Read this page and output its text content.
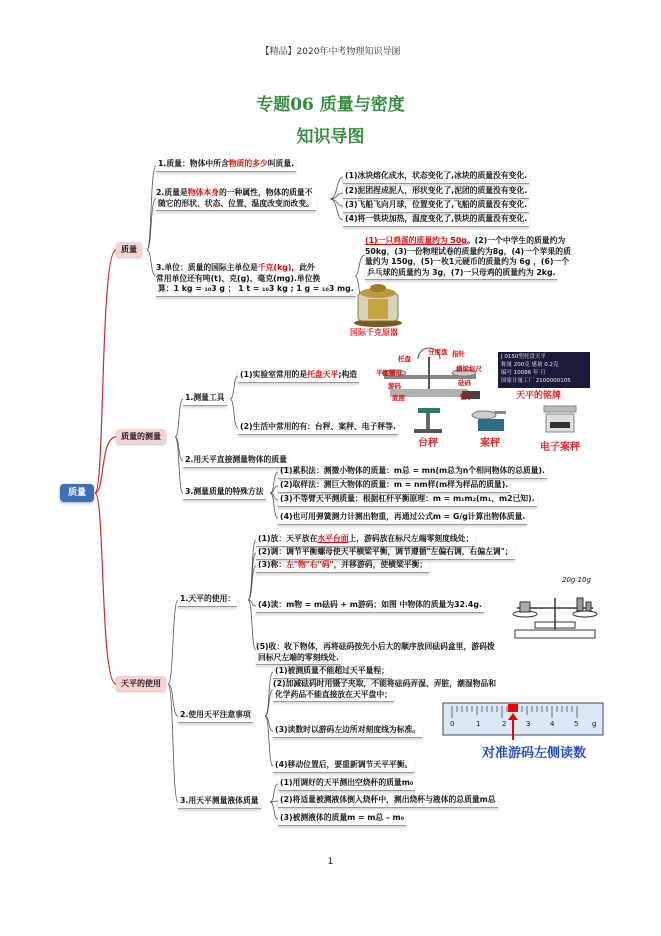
【精品】2020年中考物理知识导图
专题06 质量与密度
知识导图
质量
质量
1.质量：物体中所含物质的多少叫质量.
2.质量是物体本身的一种属性，物体的质量不
随它的形状、状态、位置、温度改变而改变。
(1)冰块熔化成水，状态变化了,冰块的质量没有变化.
(2)泥团捏成泥人，形状变化了,泥团的质量没有变化.
(3)飞船飞向月球，位置变化了,飞船的质量没有变化.
(4)将一铁块加热，温度变化了,铁块的质量没有变化.
3.单位：质量的国际主单位是千克(kg)，此外
常用单位还有吨(t)、克(g)、毫克(mg).单位换
算：1 kg = ₁₀3 g ； 1 t = ₁₀3 kg ; 1 g = ₁₀3 mg.
(1)一只鸡蛋的质量约为 50g。(2)一个中学生的质量约为
50kg，(3)一份物理试卷的质量约为8g，(4)一个苹果的质
量约为 150g，(5)一枚1元硬币的质量约为 6g ，(6)一个
乒乓球的质量约为 3g，(7)一只母鸡的质量约为 2kg.
国际千克原器
质量的测量
1.测量工具
(1)实验室常用的是托盘天平;构造
(2)生活中常用的有：台秤、案秤、电子秤等.
托盘
分度盘 指针
平衡螺母	横梁标尺
游码	砝码
底座	镊子
J 0150型托盘天平
称量 200克 感量 0.2克
编号 10086 年 月
国家计量工厂 2100000105
天平的铭牌
台秤	案秤	电子案秤
2.用天平直接测量物体的质量
3.测量质量的特殊方法
(1)累积法：测微小物体的质量：m总 = mn(m总为n个相同物体的总质量).
(2)取样法：测巨大物体的质量：m = nm样(m样为样品的质量).
(3)不等臂天平测质量：根据杠杆平衡原理：m = m₁m₂(m₁、m2已知).
(4)也可用弹簧测力计测出物重，再通过公式m = G/g计算出物体质量.
天平的使用
1.天平的使用：
(1)放：天平放在水平台面上，游码放在标尺左端零刻度线处；
(2)调：调节平衡螺母使天平横梁平衡，调节遵循"左偏右调，右偏左调"；
(3)称：左"物"右"码"，并移游码，使横梁平衡；
(4)读：m物 = m砝码 + m游码；如图 中物体的质量为32.4g.
(5)收：收下物体，再将砝码按先小后大的顺序放回砝码盒里，游码拨
回标尺左端的零刻线处.
20g 10g
2.使用天平注意事项
(1)被测质量不能超过天平量程；
(2)加减砝码时用镊子夹取，不能将砝码弄湿、弄脏，潮湿物品和
化学药品不能直接放在天平盘中；
(3)读数时以游码左边所对刻度线为标准。
(4)移动位置后，要重新调节天平平衡。
0	1	2	3	4	5 g
对准游码左侧读数
3.用天平测量液体质量
(1)用调好的天平测出空烧杯的质量m₀
(2)将适量被测液体倒入烧杯中，测出烧杯与液体的总质量m总
(3)被测液体的质量m = m总 – m₀
1
